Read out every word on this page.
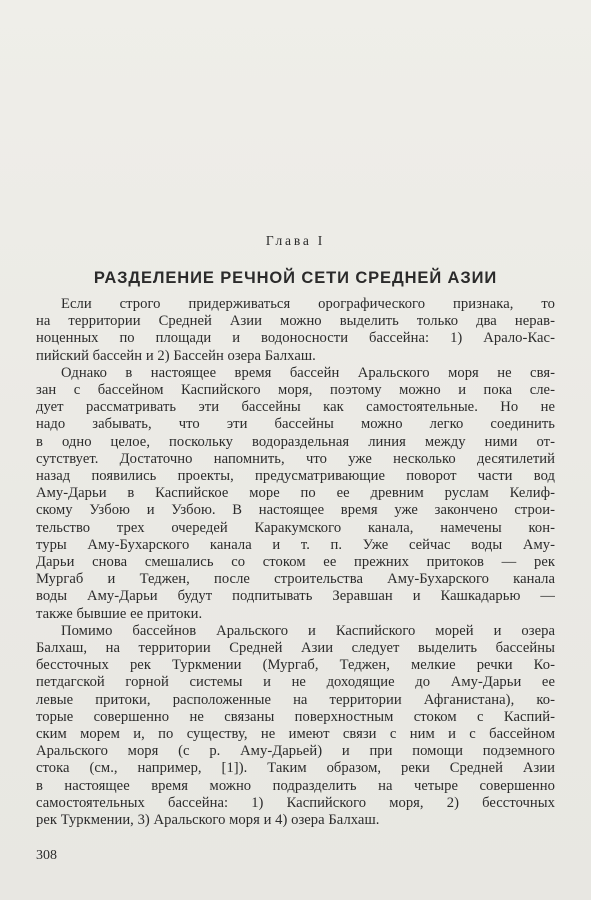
Глава I

РАЗДЕЛЕНИЕ РЕЧНОЙ СЕТИ СРЕДНЕЙ АЗИИ

Если строго придерживаться орографического признака, то
на территории Средней Азии можно выделить только два нерав-
ноценных по площади и водоносности бассейна: 1) Арало-Кас-
пийский бассейн и 2) Бассейн озера Балхаш.

Однако в настоящее время бассейн Аральского моря не свя-
зан с бассейном Каспийского моря, поэтому можно и пока сле-
дует рассматривать эти бассейны как самостоятельные. Но не
надо забывать, что эти бассейны можно легко соединить
в одно целое, поскольку водораздельная линия между ними от-
сутствует. Достаточно напомнить, что уже несколько десятилетий
назад появились проекты, предусматривающие поворот части вод
Аму-Дарьи в Каспийское море по ее древним руслам Келиф-
скому Узбою и Узбою. В настоящее время уже закончено строи-
тельство трех очередей Каракумского канала, намечены кон-
туры Аму-Бухарского канала и т. п. Уже сейчас воды Аму-
Дарьи снова смешались со стоком ее прежних притоков — рек
Мургаб и Теджен, после строительства Аму-Бухарского канала
воды Аму-Дарьи будут подпитывать Зеравшан и Кашкадарью —
также бывшие ее притоки.

Помимо бассейнов Аральского и Каспийского морей и озера
Балхаш, на территории Средней Азии следует выделить бассейны
бессточных рек Туркмении (Мургаб, Теджен, мелкие речки Ко-
петдагской горной системы и не доходящие до Аму-Дарьи ее
левые притоки, расположенные на территории Афганистана), ко-
торые совершенно не связаны поверхностным стоком с Каспий-
ским морем и, по существу, не имеют связи с ним и с бассейном
Аральского моря (с р. Аму-Дарьей) и при помощи подземного
стока (см., например, [1]). Таким образом, реки Средней Азии
в настоящее время можно подразделить на четыре совершенно
самостоятельных бассейна: 1) Каспийского моря, 2) бессточных
рек Туркмении, 3) Аральского моря и 4) озера Балхаш.

308
